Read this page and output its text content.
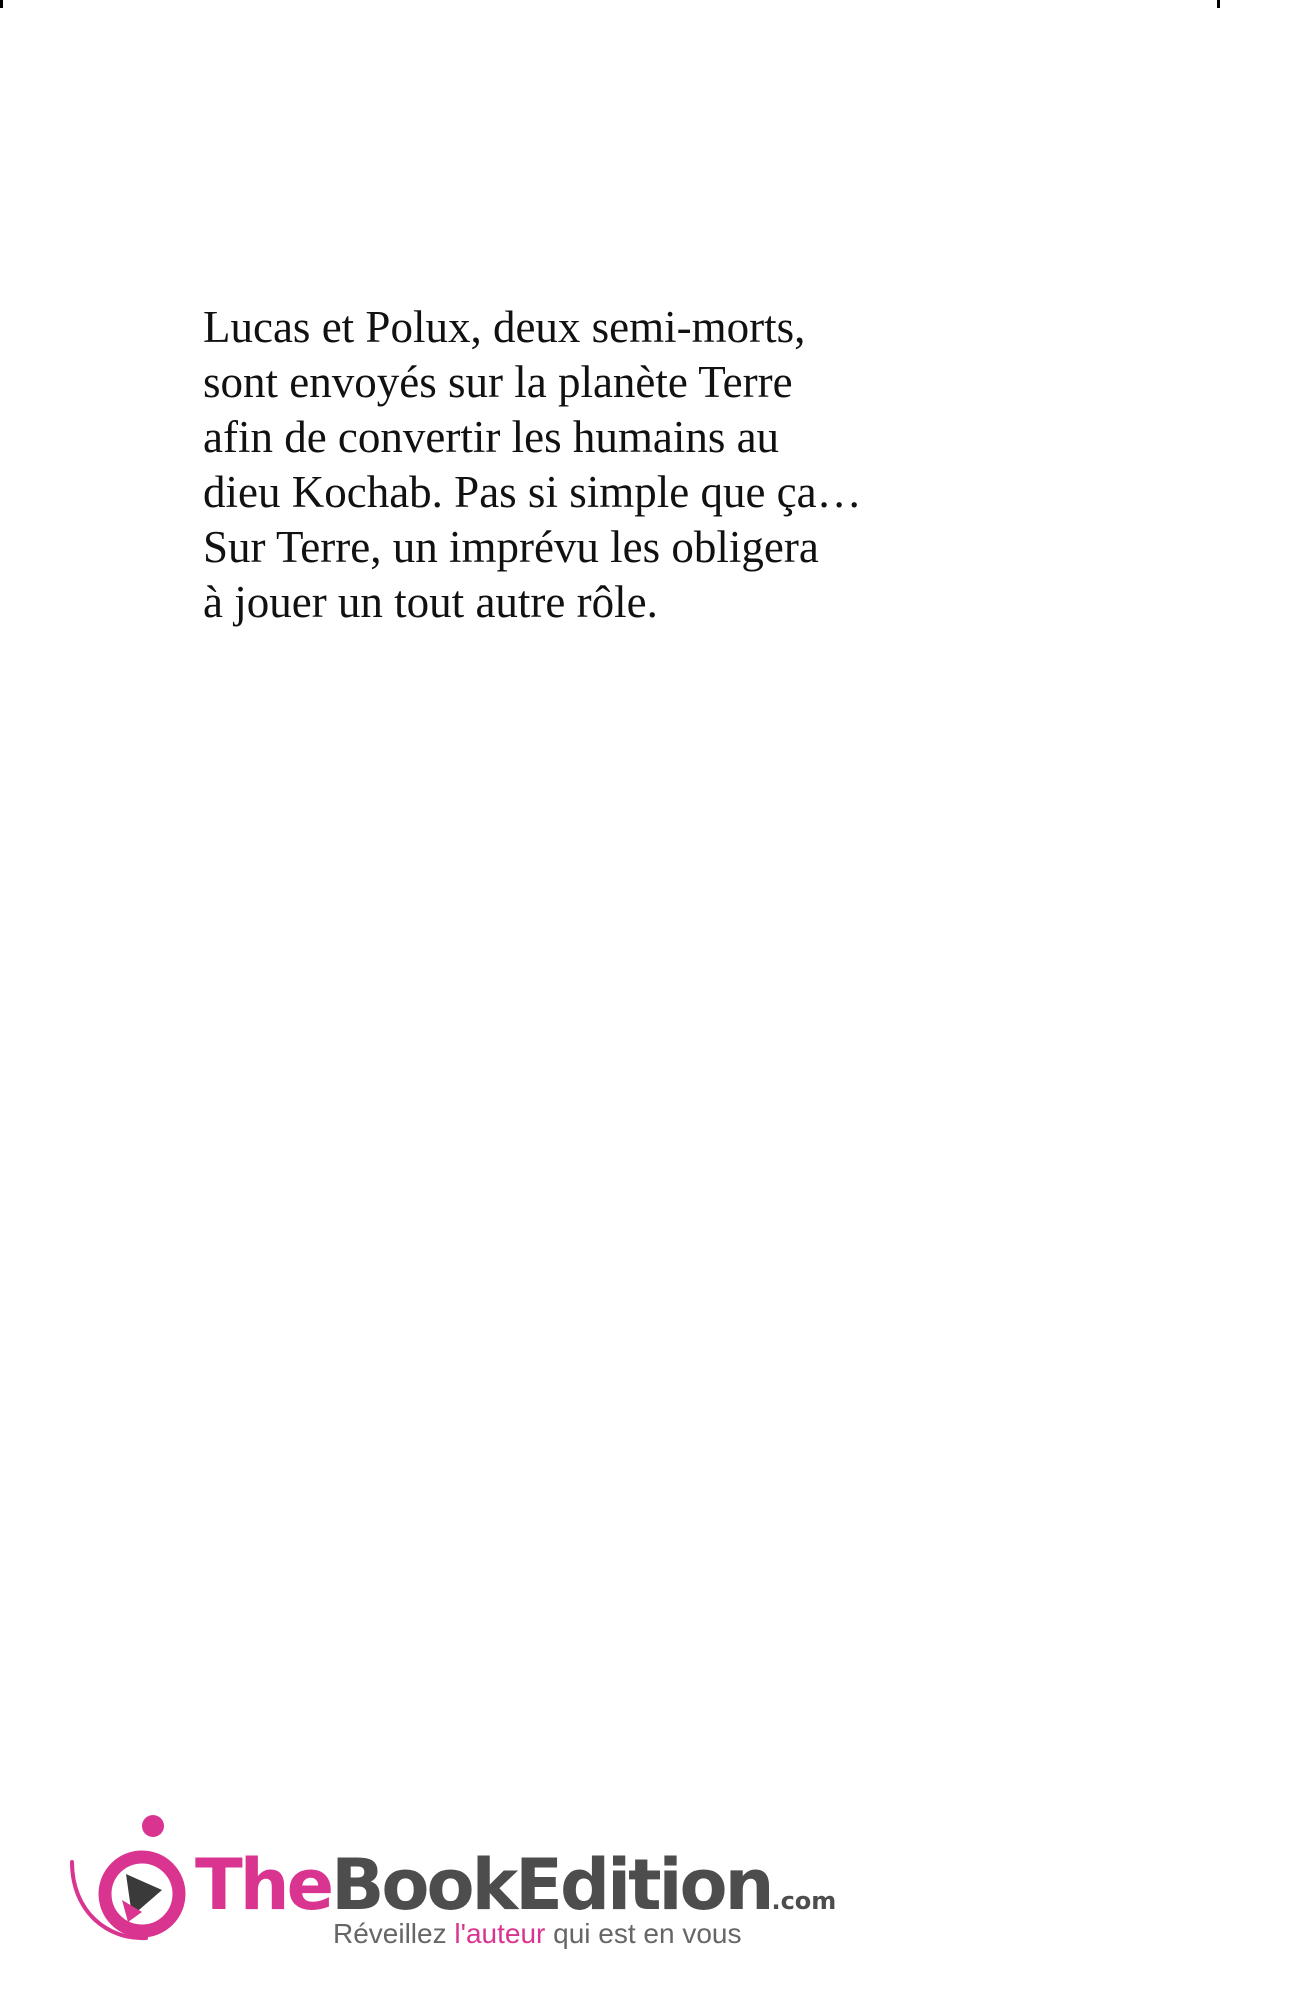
Lucas et Polux, deux semi-morts,
sont envoyés sur la planète Terre
afin de convertir les humains au
dieu Kochab. Pas si simple que ça…
Sur Terre, un imprévu les obligera
à jouer un tout autre rôle.
TheBookEdition.com
Réveillez l'auteur qui est en vous
